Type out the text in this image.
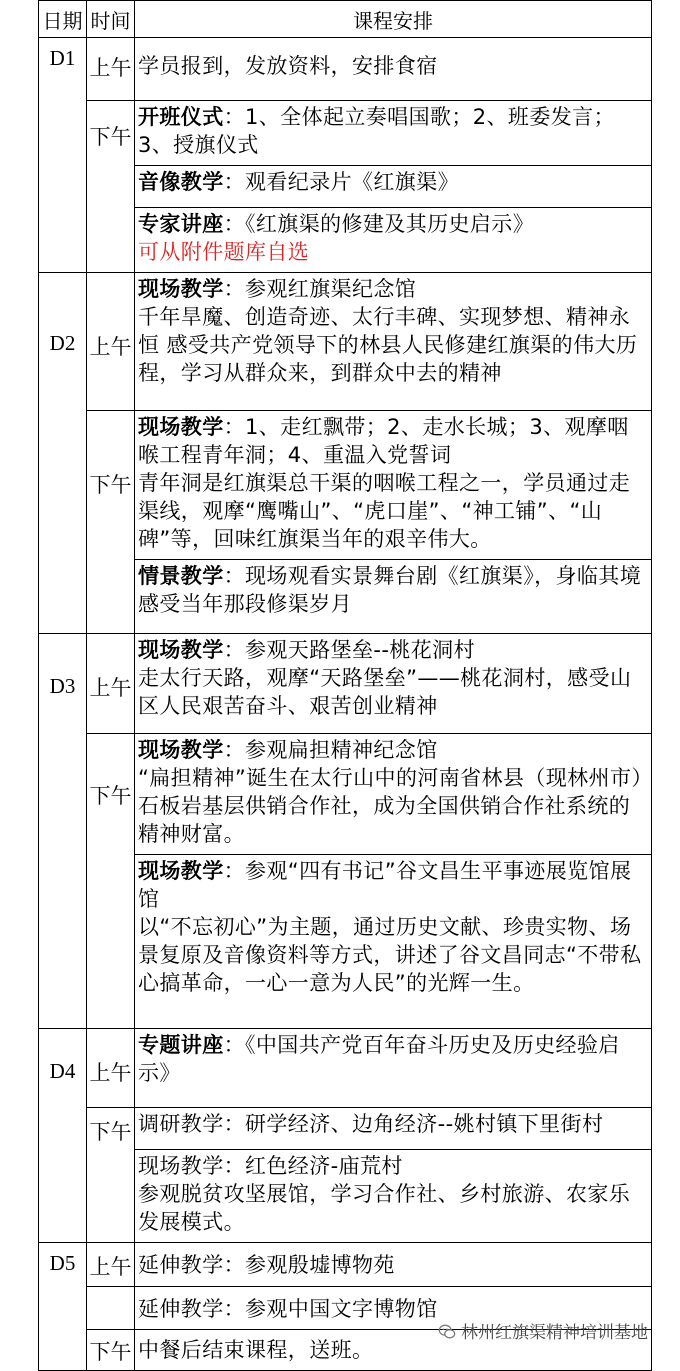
日期	时间	课程安排
D1	上午	学员报到，发放资料，安排食宿
	下午	开班仪式：1、全体起立奏唱国歌；2、班委发言；3、授旗仪式
		音像教学：观看纪录片《红旗渠》
		专家讲座：《红旗渠的修建及其历史启示》
可从附件题库自选
D2	上午	现场教学：参观红旗渠纪念馆
千年旱魔、创造奇迹、太行丰碑、实现梦想、精神永恒 感受共产党领导下的林县人民修建红旗渠的伟大历程，学习从群众来，到群众中去的精神
	下午	现场教学：1、走红飘带；2、走水长城；3、观摩咽喉工程青年洞；4、重温入党誓词
青年洞是红旗渠总干渠的咽喉工程之一，学员通过走渠线，观摩“鹰嘴山”、“虎口崖”、“神工铺”、“山碑”等，回味红旗渠当年的艰辛伟大。
		情景教学：现场观看实景舞台剧《红旗渠》，身临其境感受当年那段修渠岁月
D3	上午	现场教学：参观天路堡垒--桃花洞村
走太行天路，观摩“天路堡垒”——桃花洞村，感受山区人民艰苦奋斗、艰苦创业精神
	下午	现场教学：参观扁担精神纪念馆
“扁担精神”诞生在太行山中的河南省林县（现林州市）石板岩基层供销合作社，成为全国供销合作社系统的精神财富。
		现场教学：参观“四有书记”谷文昌生平事迹展览馆展馆
以“不忘初心”为主题，通过历史文献、珍贵实物、场景复原及音像资料等方式，讲述了谷文昌同志“不带私心搞革命，一心一意为人民”的光辉一生。
D4	上午	专题讲座：《中国共产党百年奋斗历史及历史经验启示》
	下午	调研教学：研学经济、边角经济--姚村镇下里街村
		现场教学：红色经济-庙荒村
参观脱贫攻坚展馆，学习合作社、乡村旅游、农家乐发展模式。
D5	上午	延伸教学：参观殷墟博物苑
		延伸教学：参观中国文字博物馆
	下午	中餐后结束课程，送班。
林州红旗渠精神培训基地
